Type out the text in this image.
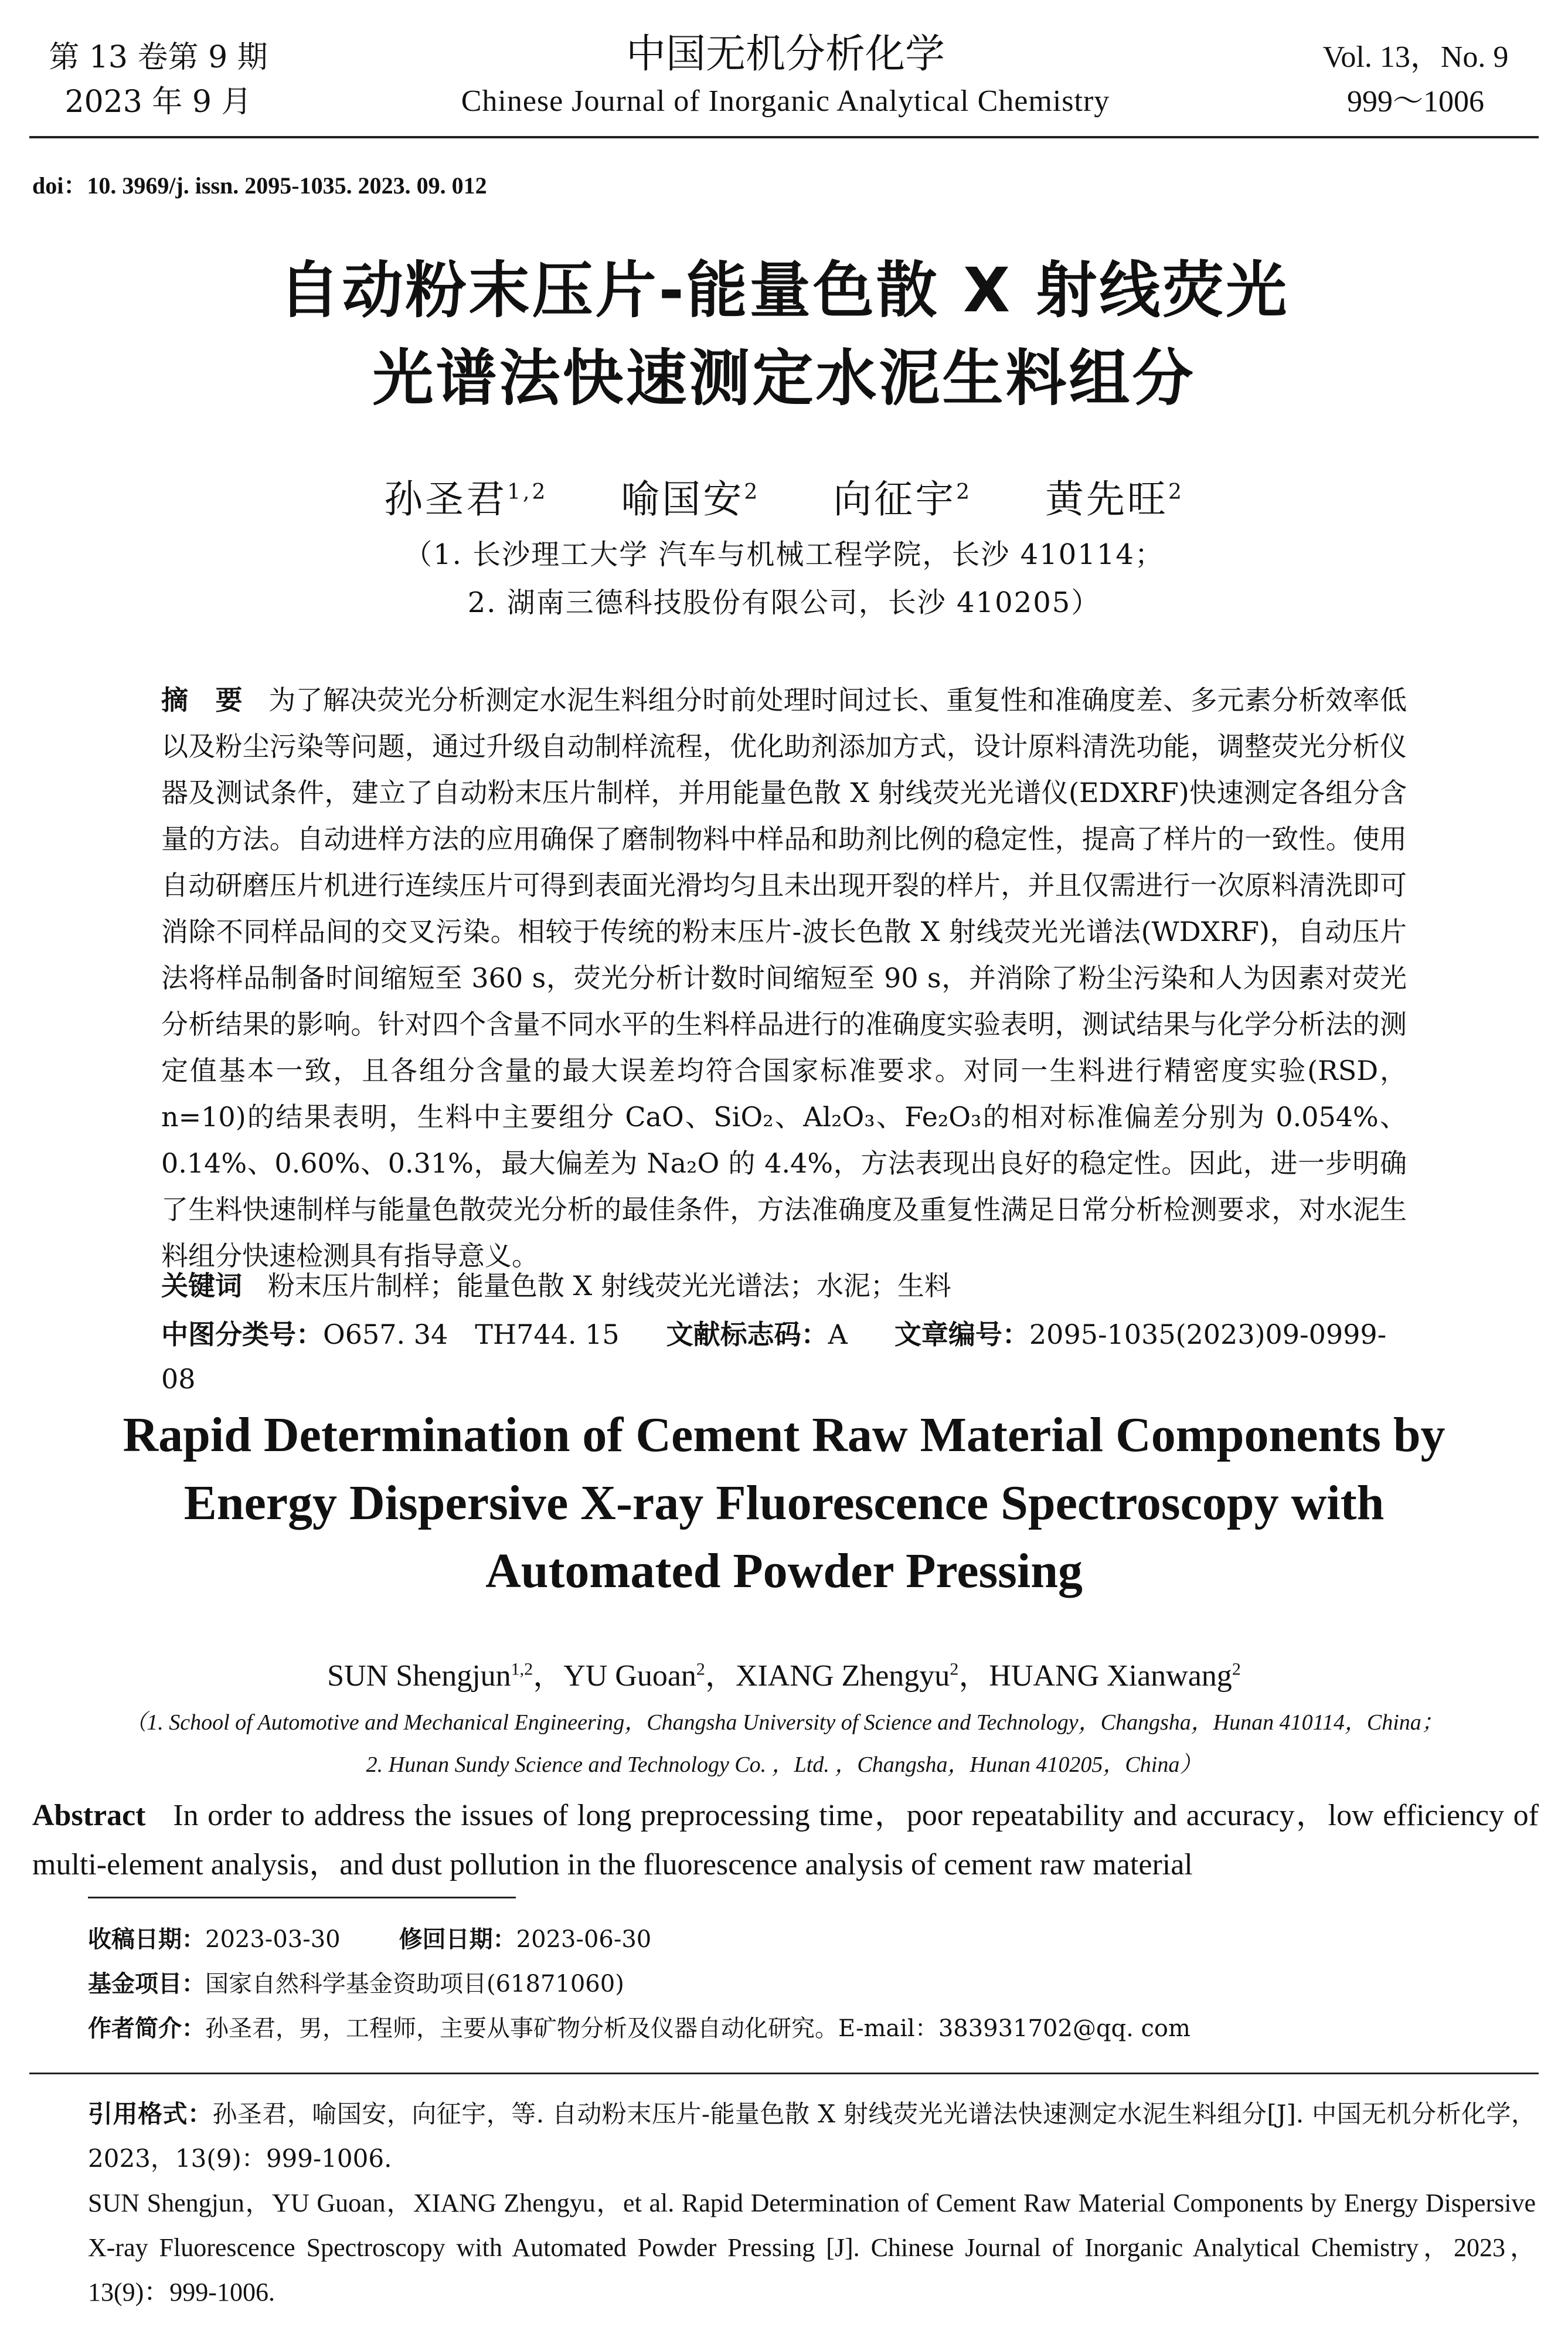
第 13 卷第 9 期
2023 年 9 月
中国无机分析化学
Chinese Journal of Inorganic Analytical Chemistry
Vol. 13，No. 9
999～1006
doi：10. 3969/j. issn. 2095-1035. 2023. 09. 012
自动粉末压片-能量色散 X 射线荧光
光谱法快速测定水泥生料组分
孙圣君$^{1,2}$ 喻国安$^2$ 向征宇$^2$ 黄先旺$^2$
（1. 长沙理工大学 汽车与机械工程学院，长沙 410114；
2. 湖南三德科技股份有限公司，长沙 410205）
摘　要 为了解决荧光分析测定水泥生料组分时前处理时间过长、重复性和准确度差、多元素分析效率低以及粉尘污染等问题，通过升级自动制样流程，优化助剂添加方式，设计原料清洗功能，调整荧光分析仪器及测试条件，建立了自动粉末压片制样，并用能量色散 X 射线荧光光谱仪(EDXRF)快速测定各组分含量的方法。自动进样方法的应用确保了磨制物料中样品和助剂比例的稳定性，提高了样片的一致性。使用自动研磨压片机进行连续压片可得到表面光滑均匀且未出现开裂的样片，并且仅需进行一次原料清洗即可消除不同样品间的交叉污染。相较于传统的粉末压片-波长色散 X 射线荧光光谱法(WDXRF)，自动压片法将样品制备时间缩短至 360 s，荧光分析计数时间缩短至 90 s，并消除了粉尘污染和人为因素对荧光分析结果的影响。针对四个含量不同水平的生料样品进行的准确度实验表明，测试结果与化学分析法的测定值基本一致，且各组分含量的最大误差均符合国家标准要求。对同一生料进行精密度实验(RSD，n=10)的结果表明，生料中主要组分 CaO、SiO₂、Al₂O₃、Fe₂O₃的相对标准偏差分别为 0.054%、0.14%、0.60%、0.31%，最大偏差为 Na₂O 的 4.4%，方法表现出良好的稳定性。因此，进一步明确了生料快速制样与能量色散荧光分析的最佳条件，方法准确度及重复性满足日常分析检测要求，对水泥生料组分快速检测具有指导意义。
关键词 粉末压片制样；能量色散 X 射线荧光光谱法；水泥；生料
中图分类号：O657. 34　TH744. 15 文献标志码：A 文章编号：2095-1035(2023)09-0999-08
Rapid Determination of Cement Raw Material Components by
Energy Dispersive X-ray Fluorescence Spectroscopy with
Automated Powder Pressing
SUN Shengjun$^{1,2}$，YU Guoan$^2$，XIANG Zhengyu$^2$，HUANG Xianwang$^2$
（1. School of Automotive and Mechanical Engineering，Changsha University of Science and Technology，Changsha，Hunan 410114，China；
2. Hunan Sundy Science and Technology Co. ，Ltd. ，Changsha，Hunan 410205，China）
Abstract In order to address the issues of long preprocessing time，poor repeatability and accuracy，low efficiency of multi-element analysis，and dust pollution in the fluorescence analysis of cement raw material
收稿日期：2023-03-30	修回日期：2023-06-30
基金项目：国家自然科学基金资助项目(61871060)
作者简介：孙圣君，男，工程师，主要从事矿物分析及仪器自动化研究。E-mail：383931702@qq. com
引用格式：孙圣君，喻国安，向征宇，等. 自动粉末压片-能量色散 X 射线荧光光谱法快速测定水泥生料组分[J]. 中国无机分析化学，2023，13(9)：999-1006.
SUN Shengjun，YU Guoan，XIANG Zhengyu，et al. Rapid Determination of Cement Raw Material Components by Energy Dispersive X-ray Fluorescence Spectroscopy with Automated Powder Pressing [J]. Chinese Journal of Inorganic Analytical Chemistry，2023，13(9)：999-1006.
